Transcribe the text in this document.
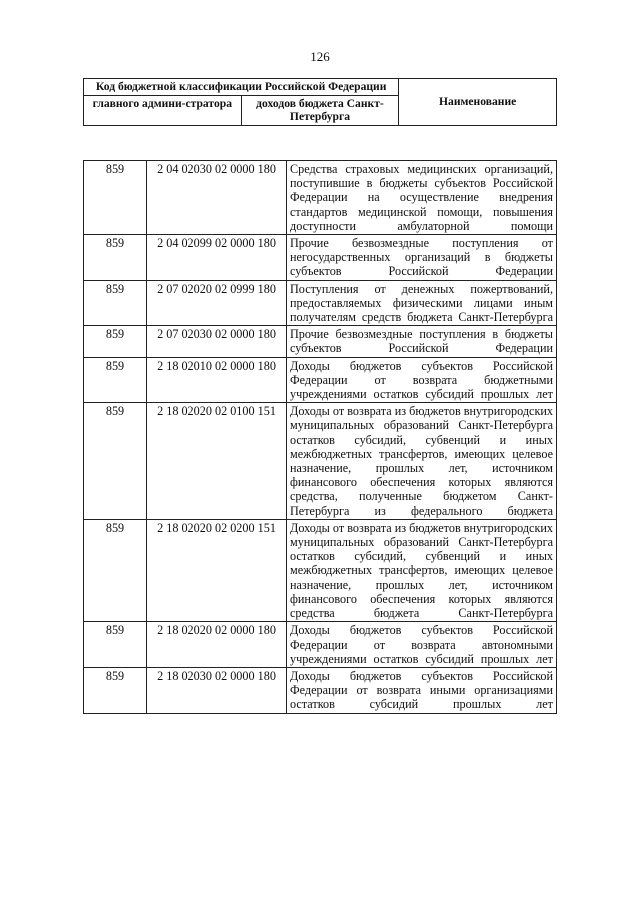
126
Код бюджетной классификации Российской Федерации		Наименование
главного админи-стратора	доходов бюджета Санкт-Петербурга	
859	2 04 02030 02 0000 180	Средства страховых медицинских организаций, поступившие в бюджеты субъектов Российской Федерации на осуществление внедрения стандартов медицинской помощи, повышения доступности амбулаторной помощи
859	2 04 02099 02 0000 180	Прочие безвозмездные поступления от негосударственных организаций в бюджеты субъектов Российской Федерации
859	2 07 02020 02 0999 180	Поступления от денежных пожертвований, предоставляемых физическими лицами иным получателям средств бюджета Санкт-Петербурга
859	2 07 02030 02 0000 180	Прочие безвозмездные поступления в бюджеты субъектов Российской Федерации
859	2 18 02010 02 0000 180	Доходы бюджетов субъектов Российской Федерации от возврата бюджетными учреждениями остатков субсидий прошлых лет
859	2 18 02020 02 0100 151	Доходы от возврата из бюджетов внутригородских муниципальных образований Санкт-Петербурга остатков субсидий, субвенций и иных межбюджетных трансфертов, имеющих целевое назначение, прошлых лет, источником финансового обеспечения которых являются средства, полученные бюджетом Санкт-Петербурга из федерального бюджета
859	2 18 02020 02 0200 151	Доходы от возврата из бюджетов внутригородских муниципальных образований Санкт-Петербурга остатков субсидий, субвенций и иных межбюджетных трансфертов, имеющих целевое назначение, прошлых лет, источником финансового обеспечения которых являются средства бюджета Санкт-Петербурга
859	2 18 02020 02 0000 180	Доходы бюджетов субъектов Российской Федерации от возврата автономными учреждениями остатков субсидий прошлых лет
859	2 18 02030 02 0000 180	Доходы бюджетов субъектов Российской Федерации от возврата иными организациями остатков субсидий прошлых лет
